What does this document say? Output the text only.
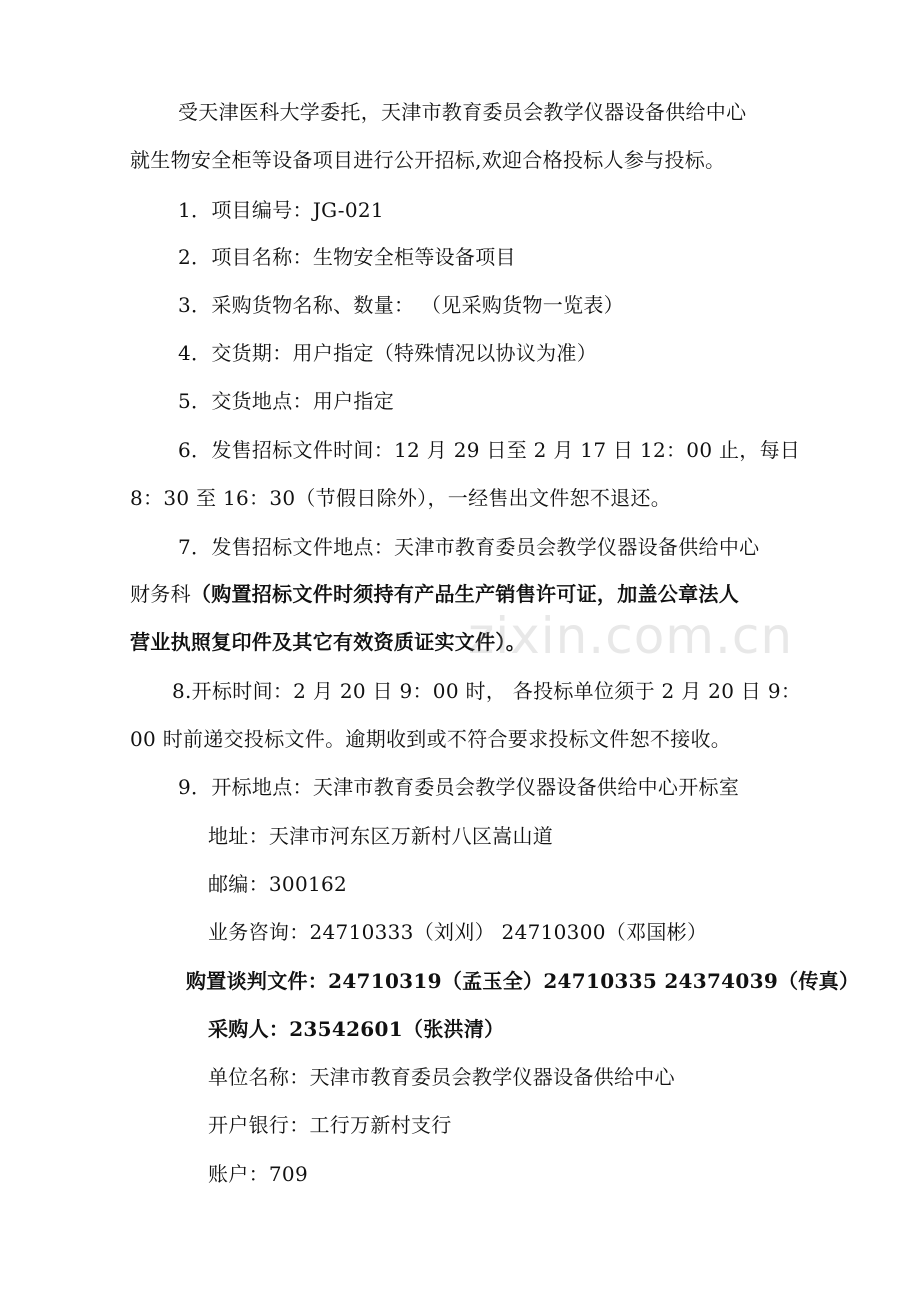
受天津医科大学委托，天津市教育委员会教学仪器设备供给中心
就生物安全柜等设备项目进行公开招标,欢迎合格投标人参与投标。
1．项目编号：JG-021
2．项目名称：生物安全柜等设备项目
3．采购货物名称、数量： （见采购货物一览表）
4．交货期：用户指定（特殊情况以协议为准）
5．交货地点：用户指定
6．发售招标文件时间：12 月 29 日至 2 月 17 日 12：00 止，每日
8：30 至 16：30（节假日除外），一经售出文件恕不退还。
7．发售招标文件地点：天津市教育委员会教学仪器设备供给中心
财务科（购置招标文件时须持有产品生产销售许可证，加盖公章法人
营业执照复印件及其它有效资质证实文件）。
8.开标时间：2 月 20 日 9：00 时， 各投标单位须于 2 月 20 日 9：
00 时前递交投标文件。逾期收到或不符合要求投标文件恕不接收。
9．开标地点：天津市教育委员会教学仪器设备供给中心开标室
地址：天津市河东区万新村八区嵩山道
邮编：300162
业务咨询：24710333（刘刈） 24710300（邓国彬）
购置谈判文件：24710319（孟玉全）24710335 24374039（传真）
采购人：23542601（张洪清）
单位名称：天津市教育委员会教学仪器设备供给中心
开户银行：工行万新村支行
账户：709
zixin.com.cn
